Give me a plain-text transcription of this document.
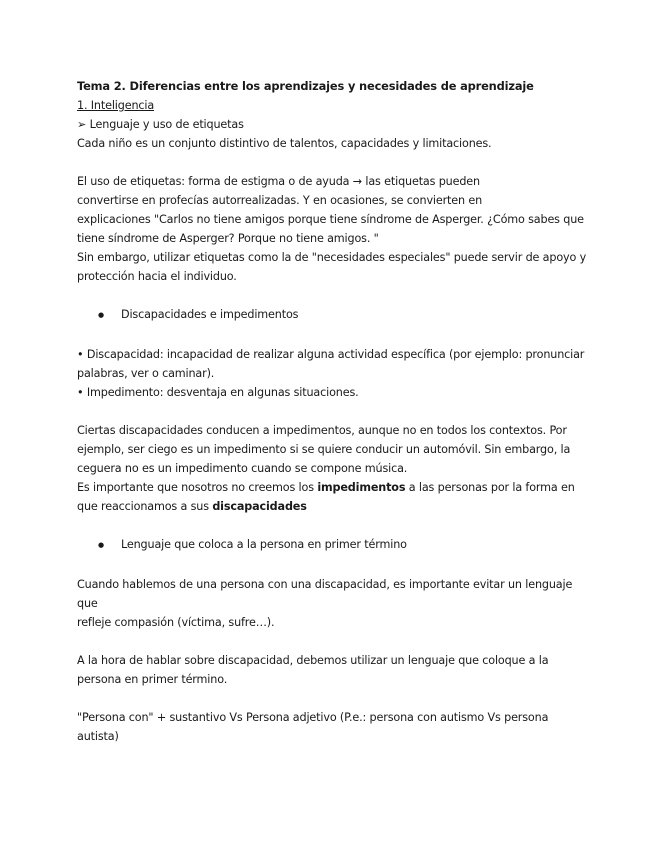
Tema 2. Diferencias entre los aprendizajes y necesidades de aprendizaje

1. Inteligencia

➢ Lenguaje y uso de etiquetas

Cada niño es un conjunto distintivo de talentos, capacidades y limitaciones.

El uso de etiquetas: forma de estigma o de ayuda → las etiquetas pueden

convertirse en profecías autorrealizadas. Y en ocasiones, se convierten en

explicaciones "Carlos no tiene amigos porque tiene síndrome de Asperger. ¿Cómo sabes que

tiene síndrome de Asperger? Porque no tiene amigos. "

Sin embargo, utilizar etiquetas como la de "necesidades especiales" puede servir de apoyo y

protección hacia el individuo.

●
Discapacidades e impedimentos

• Discapacidad: incapacidad de realizar alguna actividad específica (por ejemplo: pronunciar

palabras, ver o caminar).

• Impedimento: desventaja en algunas situaciones.

Ciertas discapacidades conducen a impedimentos, aunque no en todos los contextos. Por

ejemplo, ser ciego es un impedimento si se quiere conducir un automóvil. Sin embargo, la

ceguera no es un impedimento cuando se compone música.

Es importante que nosotros no creemos los impedimentos a las personas por la forma en

que reaccionamos a sus discapacidades

●
Lenguaje que coloca a la persona en primer término

Cuando hablemos de una persona con una discapacidad, es importante evitar un lenguaje que

refleje compasión (víctima, sufre…).

A la hora de hablar sobre discapacidad, debemos utilizar un lenguaje que coloque a la

persona en primer término.

"Persona con" + sustantivo Vs Persona adjetivo (P.e.: persona con autismo Vs persona

autista)
